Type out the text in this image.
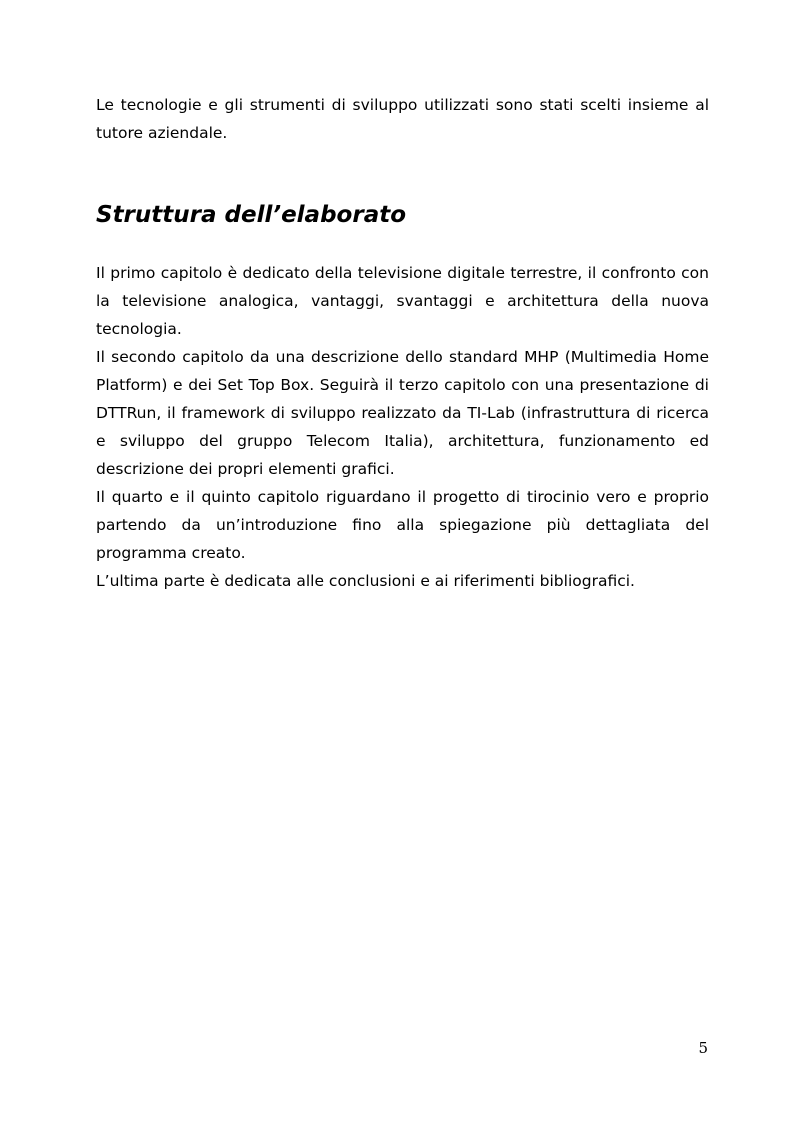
Le tecnologie e gli strumenti di sviluppo utilizzati sono stati scelti insieme al tutore aziendale.

Struttura dell’elaborato

Il primo capitolo è dedicato della televisione digitale terrestre, il confronto con la televisione analogica, vantaggi, svantaggi e architettura della nuova tecnologia.

Il secondo capitolo da una descrizione dello standard MHP (Multimedia Home Platform) e dei Set Top Box. Seguirà il terzo capitolo con una presentazione di DTTRun, il framework di sviluppo realizzato da TI-Lab (infrastruttura di ricerca e sviluppo del gruppo Telecom Italia), architettura, funzionamento ed descrizione dei propri elementi grafici.

Il quarto e il quinto capitolo riguardano il progetto di tirocinio vero e proprio partendo da un’introduzione fino alla spiegazione più dettagliata del programma creato.

L’ultima parte è dedicata alle conclusioni e ai riferimenti bibliografici.

5
